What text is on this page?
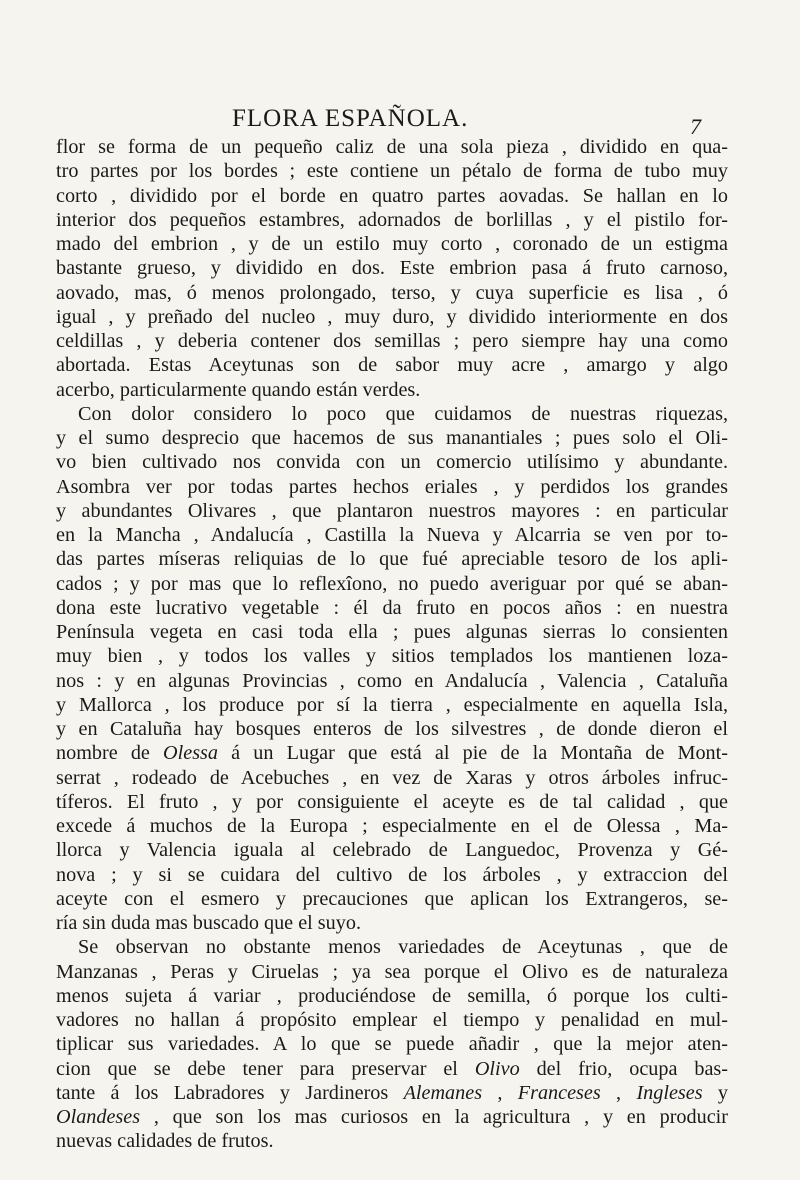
FLORA ESPAÑOLA.	7
flor se forma de un pequeño caliz de una sola pieza , dividido en qua-
tro partes por los bordes ; este contiene un pétalo de forma de tubo muy
corto , dividido por el borde en quatro partes aovadas. Se hallan en lo
interior dos pequeños estambres, adornados de borlillas , y el pistilo for-
mado del embrion , y de un estilo muy corto , coronado de un estigma
bastante grueso, y dividido en dos. Este embrion pasa á fruto carnoso,
aovado, mas, ó menos prolongado, terso, y cuya superficie es lisa , ó
igual , y preñado del nucleo , muy duro, y dividido interiormente en dos
celdillas , y deberia contener dos semillas ; pero siempre hay una como
abortada. Estas Aceytunas son de sabor muy acre , amargo y algo
acerbo, particularmente quando están verdes.
Con dolor considero lo poco que cuidamos de nuestras riquezas,
y el sumo desprecio que hacemos de sus manantiales ; pues solo el Oli-
vo bien cultivado nos convida con un comercio utilísimo y abundante.
Asombra ver por todas partes hechos eriales , y perdidos los grandes
y abundantes Olivares , que plantaron nuestros mayores : en particular
en la Mancha , Andalucía , Castilla la Nueva y Alcarria se ven por to-
das partes míseras reliquias de lo que fué apreciable tesoro de los apli-
cados ; y por mas que lo reflexîono, no puedo averiguar por qué se aban-
dona este lucrativo vegetable : él da fruto en pocos años : en nuestra
Península vegeta en casi toda ella ; pues algunas sierras lo consienten
muy bien , y todos los valles y sitios templados los mantienen loza-
nos : y en algunas Provincias , como en Andalucía , Valencia , Cataluña
y Mallorca , los produce por sí la tierra , especialmente en aquella Isla,
y en Cataluña hay bosques enteros de los silvestres , de donde dieron el
nombre de Olessa á un Lugar que está al pie de la Montaña de Mont-
serrat , rodeado de Acebuches , en vez de Xaras y otros árboles infruc-
tíferos. El fruto , y por consiguiente el aceyte es de tal calidad , que
excede á muchos de la Europa ; especialmente en el de Olessa , Ma-
llorca y Valencia iguala al celebrado de Languedoc, Provenza y Gé-
nova ; y si se cuidara del cultivo de los árboles , y extraccion del
aceyte con el esmero y precauciones que aplican los Extrangeros, se-
ría sin duda mas buscado que el suyo.
Se observan no obstante menos variedades de Aceytunas , que de
Manzanas , Peras y Ciruelas ; ya sea porque el Olivo es de naturaleza
menos sujeta á variar , produciéndose de semilla, ó porque los culti-
vadores no hallan á propósito emplear el tiempo y penalidad en mul-
tiplicar sus variedades. A lo que se puede añadir , que la mejor aten-
cion que se debe tener para preservar el Olivo del frio, ocupa bas-
tante á los Labradores y Jardineros Alemanes , Franceses , Ingleses y
Olandeses , que son los mas curiosos en la agricultura , y en producir
nuevas calidades de frutos.
